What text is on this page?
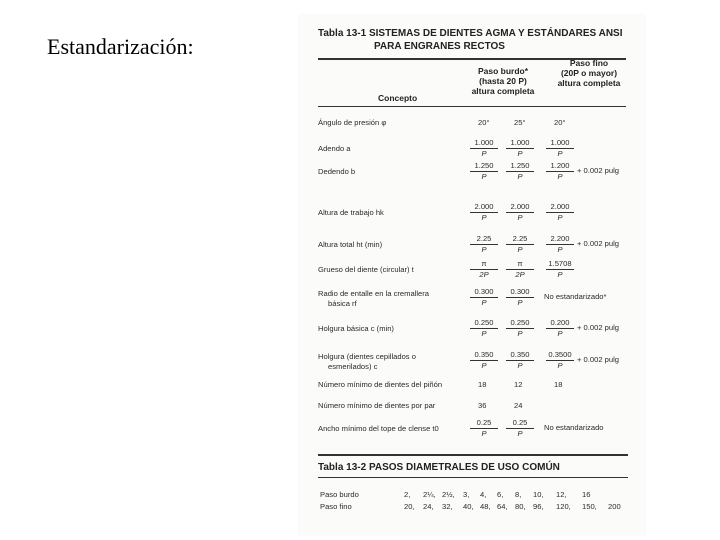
Estandarización:
Tabla 13-1 SISTEMAS DE DIENTES AGMA Y ESTÁNDARES ANSI
PARA ENGRANES RECTOS
Paso burdo*
(hasta 20 P)
altura completa
Paso fino
(20P o mayor)
altura completa
Concepto
Ángulo de presión φ	20°	25°	20°
Adendo a	$\frac{1.000}{P} \frac{1.000}{P} \frac{1.000}{P}$
Dedendo b	$\frac{1.250}{P} \frac{1.250}{P} \frac{1.200}{P} + 0.002$ pulg
Altura de trabajo hk	$\frac{2.000}{P} \frac{2.000}{P} \frac{2.000}{P}$
Altura total ht (min)	$\frac{2.25}{P} \frac{2.25}{P} \frac{2.200}{P} + 0.002$ pulg
Grueso del diente (circular) t	$\frac{\pi}{2P} \frac{\pi}{2P} \frac{1.5708}{P}$
Radio de entalle en la cremallera
básica rf	$\frac{0.300}{P} \frac{0.300}{P}$ No estandarizado*
Holgura básica c (min)	$\frac{0.250}{P} \frac{0.250}{P} \frac{0.200}{P} + 0.002$ pulg
Holgura (dientes cepillados o
esmerilados) c	$\frac{0.350}{P} \frac{0.350}{P} \frac{0.3500}{P} + 0.002$ pulg
Número mínimo de dientes del piñón	18	12	18
Número mínimo de dientes por par	36	24
Ancho mínimo del tope de clense t0	$\frac{0.25}{P} \frac{0.25}{P}$ No estandarizado
Tabla 13-2 PASOS DIAMETRALES DE USO COMÚN
Paso burdo	2, 2¼, 2½, 3, 4, 6, 8, 10, 12, 16
Paso fino	20, 24, 32, 40, 48, 64, 80, 96, 120, 150, 200
